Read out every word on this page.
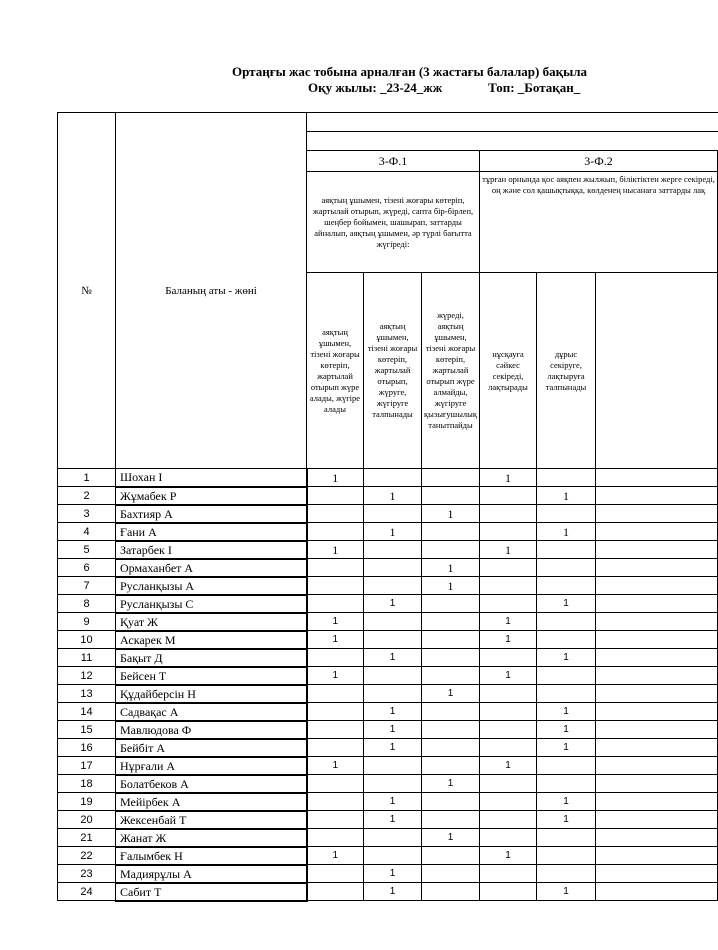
Ортаңғы жас тобына арналған (3 жастағы балалар) бақыла
Оқу жылы: _23-24_жж	Топ: _Ботақан_
№	Баланың аты - жөні						

		3-Ф.1			3-Ф.2		
		аяқтың ұшымен, тізені жоғары көтеріп, жартылай отырып, жүреді, сапта бір-бірлеп, шеңбер бойымен, шашырап, заттарды айналып, аяқтың ұшымен, әр түрлі бағытта жүгіреді:			тұрған орнында қос аяқпен жылжып, біліктіктен жерге секіреді, оң және сол қашықтыққа, көлденең нысанаға заттарды лақ		
		аяқтың ұшымен, тізені жоғары көтеріп, жартылай отырып жүре алады, жүгіре алады	аяқтың ұшымен, тізені жоғары көтеріп, жартылай отырып, жүруге, жүгіруге талпынады	жүреді, аяқтың ұшымен, тізені жоғары көтеріп, жартылай отырып жүре алмайды, жүгіруге қызығушылық танытпайды	нұсқауға сәйкес секіреді, лақтырады	дұрыс секіруге, лақтыруға талпынады	
1	Шохан І	1			1		
2	Жұмабек Р		1			1	
3	Бахтияр А			1			
4	Ғани А		1			1	
5	Затарбек І	1			1		
6	Ормаханбет А			1			
7	Русланқызы А			1			
8	Русланқызы С		1			1	
9	Қуат Ж	1			1		
10	Аскарек М	1			1		
11	Бақыт Д		1			1	
12	Бейсен Т	1			1		
13	Құдайберсін Н			1			
14	Садвақас А		1			1	
15	Мавлюдова Ф		1			1	
16	Бейбіт А		1			1	
17	Нұрғали А	1			1		
18	Болатбеков А			1			
19	Мейірбек А		1			1	
20	Жексенбай Т		1			1	
21	Жанат Ж			1			
22	Ғалымбек Н	1			1		
23	Мадиярұлы А		1				
24	Сабит Т		1			1	
